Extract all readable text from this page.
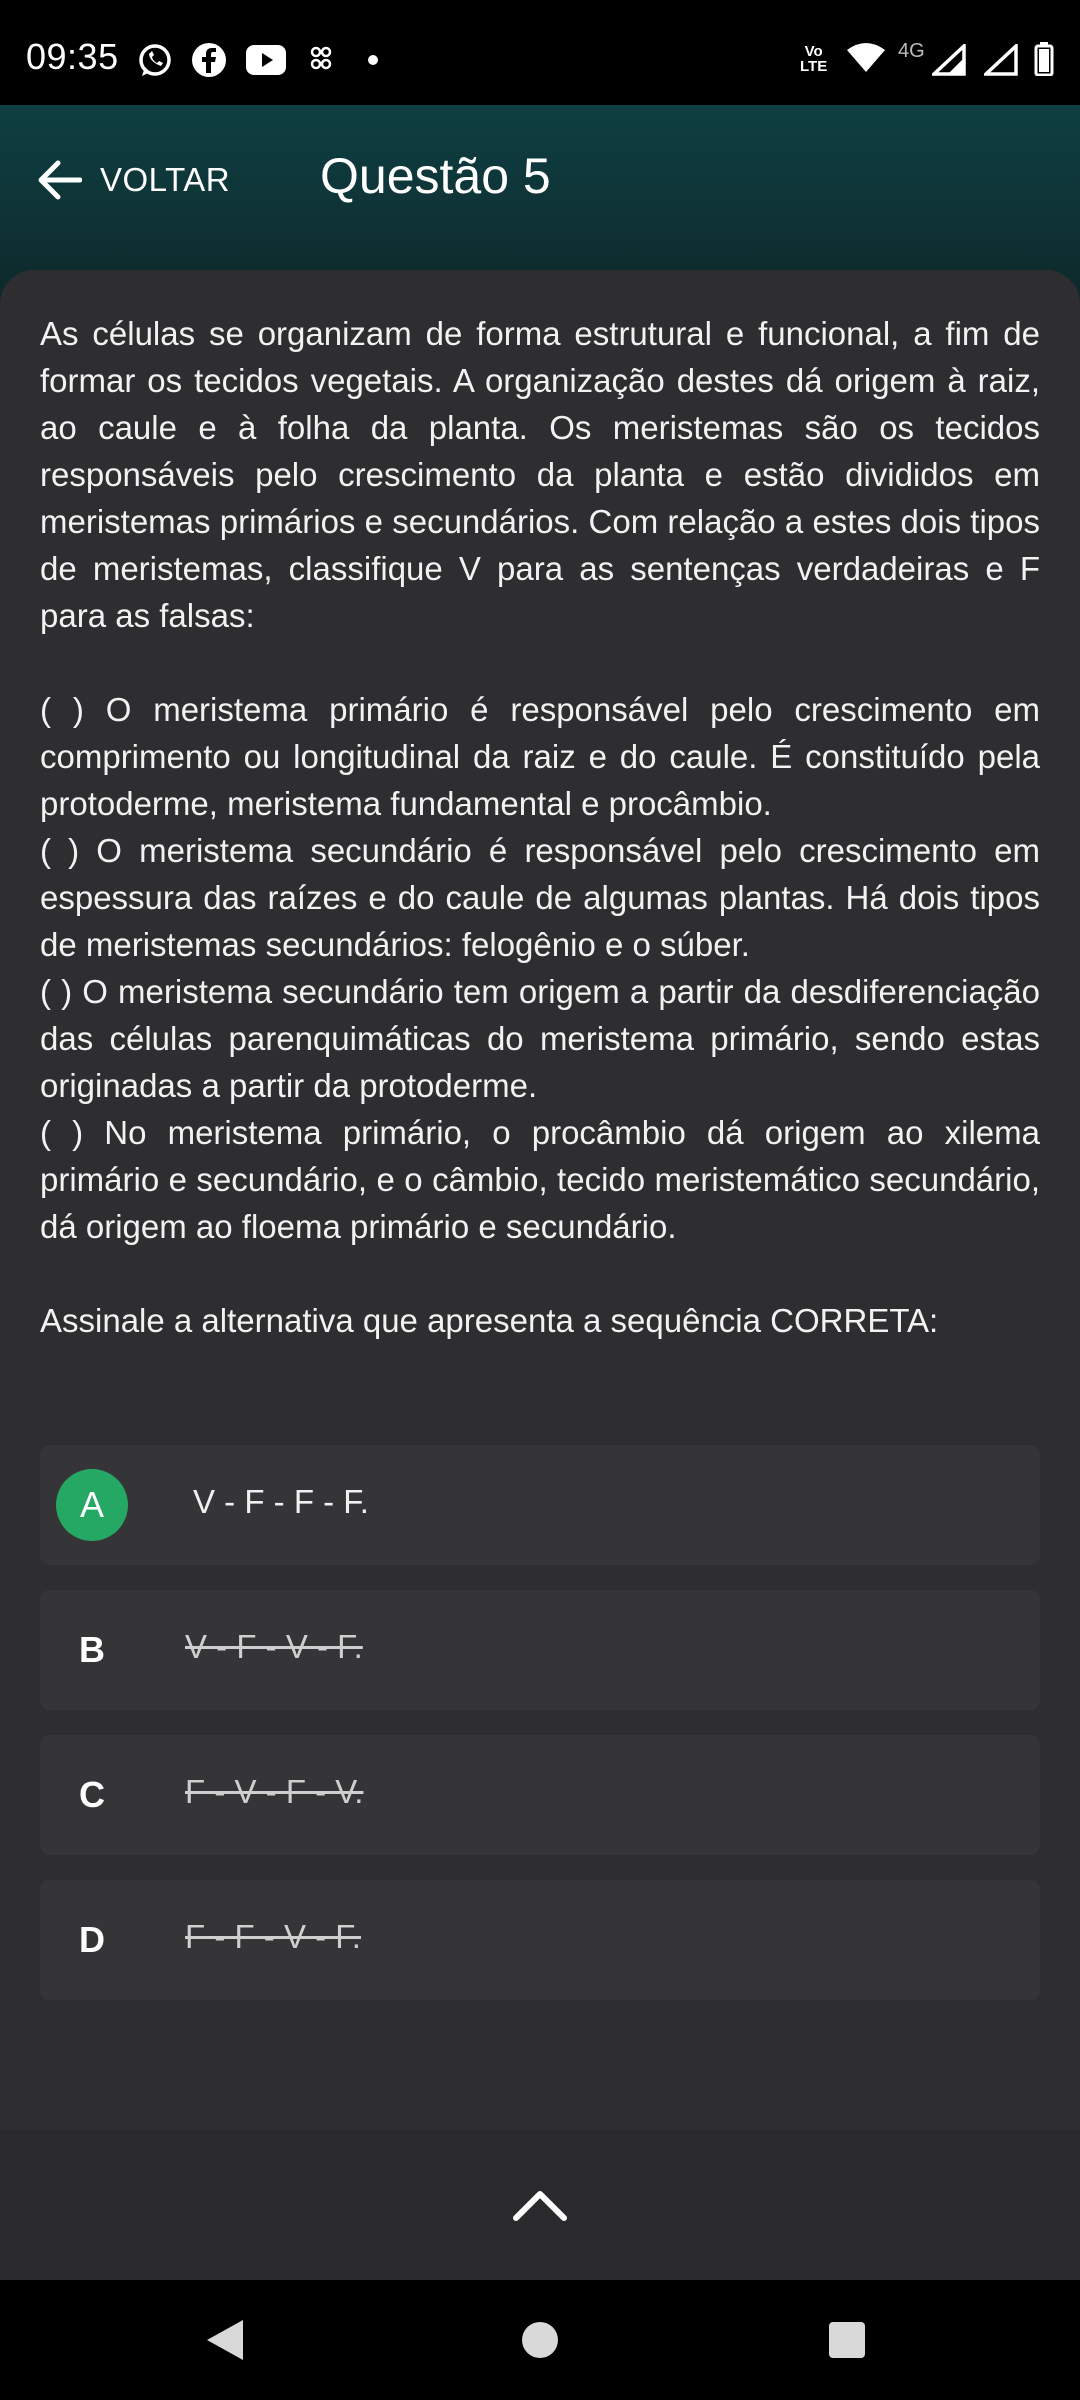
09:35	Vo
LTE
4G
VOLTAR Questão 5

As células se organizam de forma estrutural e funcional, a fim de formar os tecidos vegetais. A organização destes dá origem à raiz, ao caule e à folha da planta. Os meristemas são os tecidos responsáveis pelo crescimento da planta e estão divididos em meristemas primários e secundários. Com relação a estes dois tipos de meristemas, classifique V para as sentenças verdadeiras e F para as falsas:

( ) O meristema primário é responsável pelo crescimento em comprimento ou longitudinal da raiz e do caule. É constituído pela protoderme, meristema fundamental e procâmbio.

( ) O meristema secundário é responsável pelo crescimento em espessura das raízes e do caule de algumas plantas. Há dois tipos de meristemas secundários: felogênio e o súber.

( ) O meristema secundário tem origem a partir da desdiferenciação das células parenquimáticas do meristema primário, sendo estas originadas a partir da protoderme.

( ) No meristema primário, o procâmbio dá origem ao xilema primário e secundário, e o câmbio, tecido meristemático secundário, dá origem ao floema primário e secundário.

Assinale a alternativa que apresenta a sequência CORRETA:

A	V - F - F - F.
B	V - F - V - F.
C	F - V - F - V.
D	F - F - V - F.
